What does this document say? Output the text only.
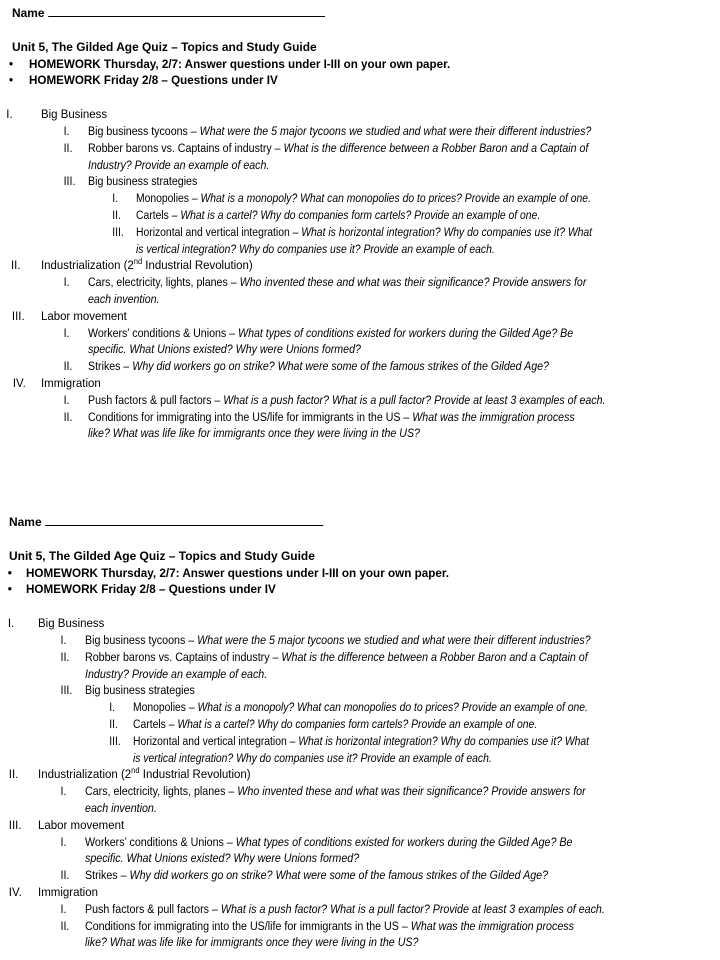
Name
Unit 5, The Gilded Age Quiz – Topics and Study Guide
• HOMEWORK Thursday, 2/7: Answer questions under I-III on your own paper.
• HOMEWORK Friday 2/8 – Questions under IV
I.	Big Business
I. Big business tycoons – What were the 5 major tycoons we studied and what were their different industries?
II. Robber barons vs. Captains of industry – What is the difference between a Robber Baron and a Captain of
Industry? Provide an example of each.
III. Big business strategies
I. Monopolies – What is a monopoly? What can monopolies do to prices? Provide an example of one.
II. Cartels – What is a cartel? Why do companies form cartels? Provide an example of one.
III. Horizontal and vertical integration – What is horizontal integration? Why do companies use it? What
is vertical integration? Why do companies use it? Provide an example of each.
II. Industrialization (2nd Industrial Revolution)
I. Cars, electricity, lights, planes – Who invented these and what was their significance? Provide answers for
each invention.
III. Labor movement
I. Workers’ conditions & Unions – What types of conditions existed for workers during the Gilded Age? Be
specific. What Unions existed? Why were Unions formed?
II. Strikes – Why did workers go on strike? What were some of the famous strikes of the Gilded Age?
IV. Immigration
I. Push factors & pull factors – What is a push factor? What is a pull factor? Provide at least 3 examples of each.
II. Conditions for immigrating into the US/life for immigrants in the US – What was the immigration process
like? What was life like for immigrants once they were living in the US?
Name
Unit 5, The Gilded Age Quiz – Topics and Study Guide
• HOMEWORK Thursday, 2/7: Answer questions under I-III on your own paper.
• HOMEWORK Friday 2/8 – Questions under IV
I.	Big Business
I. Big business tycoons – What were the 5 major tycoons we studied and what were their different industries?
II. Robber barons vs. Captains of industry – What is the difference between a Robber Baron and a Captain of
Industry? Provide an example of each.
III. Big business strategies
I. Monopolies – What is a monopoly? What can monopolies do to prices? Provide an example of one.
II. Cartels – What is a cartel? Why do companies form cartels? Provide an example of one.
III. Horizontal and vertical integration – What is horizontal integration? Why do companies use it? What
is vertical integration? Why do companies use it? Provide an example of each.
II. Industrialization (2nd Industrial Revolution)
I. Cars, electricity, lights, planes – Who invented these and what was their significance? Provide answers for
each invention.
III. Labor movement
I. Workers’ conditions & Unions – What types of conditions existed for workers during the Gilded Age? Be
specific. What Unions existed? Why were Unions formed?
II. Strikes – Why did workers go on strike? What were some of the famous strikes of the Gilded Age?
IV. Immigration
I. Push factors & pull factors – What is a push factor? What is a pull factor? Provide at least 3 examples of each.
II. Conditions for immigrating into the US/life for immigrants in the US – What was the immigration process
like? What was life like for immigrants once they were living in the US?
